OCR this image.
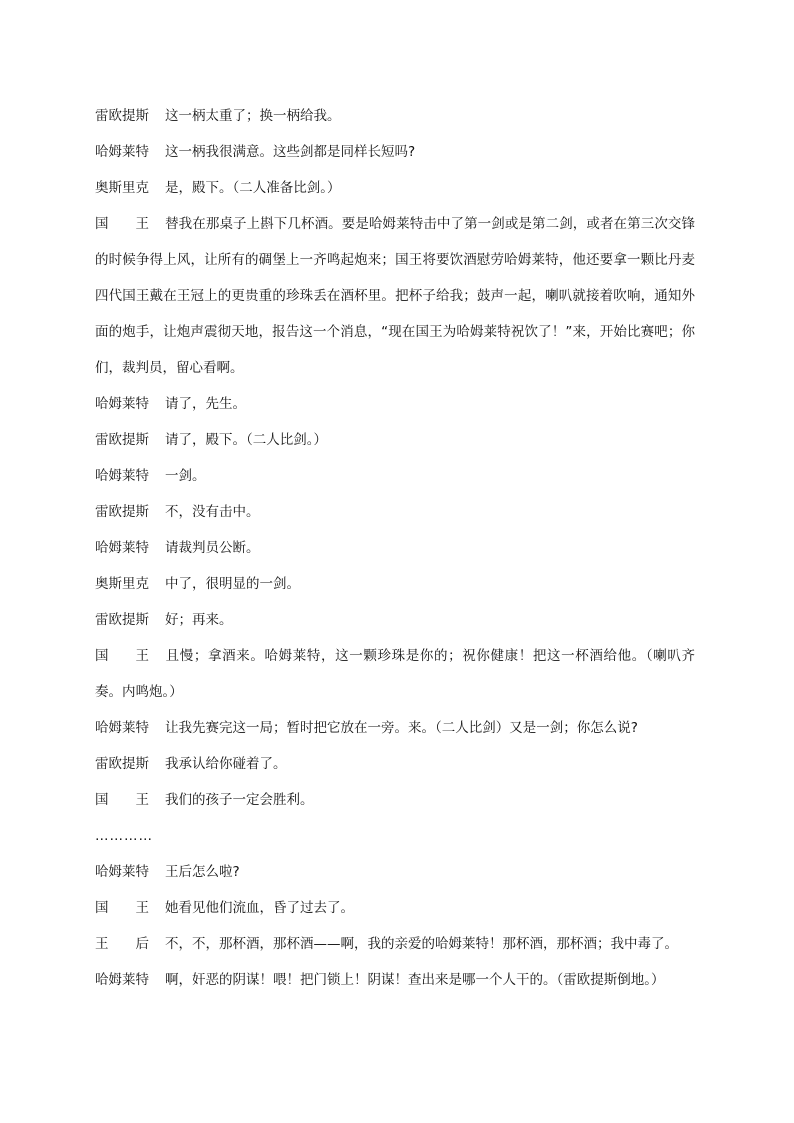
雷欧提斯 这一柄太重了；换一柄给我。
哈姆莱特 这一柄我很满意。这些剑都是同样长短吗?
奥斯里克 是，殿下。（二人准备比剑。）
国　　王 替我在那桌子上斟下几杯酒。要是哈姆莱特击中了第一剑或是第二剑，或者在第三次交锋的时候争得上风，让所有的碉堡上一齐鸣起炮来；国王将要饮酒慰劳哈姆莱特，他还要拿一颗比丹麦四代国王戴在王冠上的更贵重的珍珠丢在酒杯里。把杯子给我；鼓声一起，喇叭就接着吹响，通知外面的炮手，让炮声震彻天地，报告这一个消息，“现在国王为哈姆莱特祝饮了！”来，开始比赛吧；你们，裁判员，留心看啊。
哈姆莱特 请了，先生。
雷欧提斯 请了，殿下。（二人比剑。）
哈姆莱特 一剑。
雷欧提斯 不，没有击中。
哈姆莱特 请裁判员公断。
奥斯里克 中了，很明显的一剑。
雷欧提斯 好；再来。
国　　王 且慢；拿酒来。哈姆莱特，这一颗珍珠是你的；祝你健康！把这一杯酒给他。（喇叭齐奏。内鸣炮。）
哈姆莱特 让我先赛完这一局；暂时把它放在一旁。来。（二人比剑）又是一剑；你怎么说?
雷欧提斯 我承认给你碰着了。
国　　王 我们的孩子一定会胜利。
…………
哈姆莱特 王后怎么啦?
国　　王 她看见他们流血，昏了过去了。
王　　后 不，不，那杯酒，那杯酒——啊，我的亲爱的哈姆莱特！那杯酒，那杯酒；我中毒了。
哈姆莱特 啊，奸恶的阴谋！喂！把门锁上！阴谋！查出来是哪一个人干的。（雷欧提斯倒地。）
